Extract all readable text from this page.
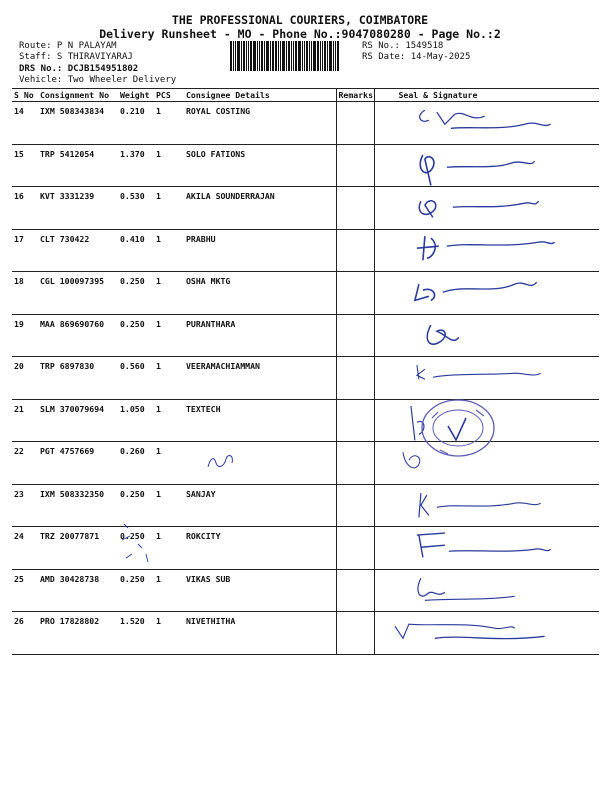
THE PROFESSIONAL COURIERS, COIMBATORE
Delivery Runsheet - MO - Phone No.:9047080280 - Page No.:2
Route: P N PALAYAM
Staff: S THIRAVIYARAJ
DRS No.: DCJB154951802
Vehicle: Two Wheeler Delivery
RS No.: 1549518
RS Date: 14-May-2025
S No	Consignment No	Weight	PCS	Consignee Details	Remarks	Seal & Signature
14	IXM 508343834	0.210	1	ROYAL COSTING		

15	TRP 5412054	1.370	1	SOLO FATIONS		

16	KVT 3331239	0.530	1	AKILA SOUNDERRAJAN		

17	CLT 730422	0.410	1	PRABHU		

18	CGL 100097395	0.250	1	OSHA MKTG		

19	MAA 869690760	0.250	1	PURANTHARA		

20	TRP 6897830	0.560	1	VEERAMACHIAMMAN		

21	SLM 370079694	1.050	1	TEXTECH		

22	PGT 4757669	0.260	1			

23	IXM 508332350	0.250	1	SANJAY		

24	TRZ 20077871	0.250	1	ROKCITY		

25	AMD 30428738	0.250	1	VIKAS SUB		

26	PRO 17828802	1.520	1	NIVETHITHA		
